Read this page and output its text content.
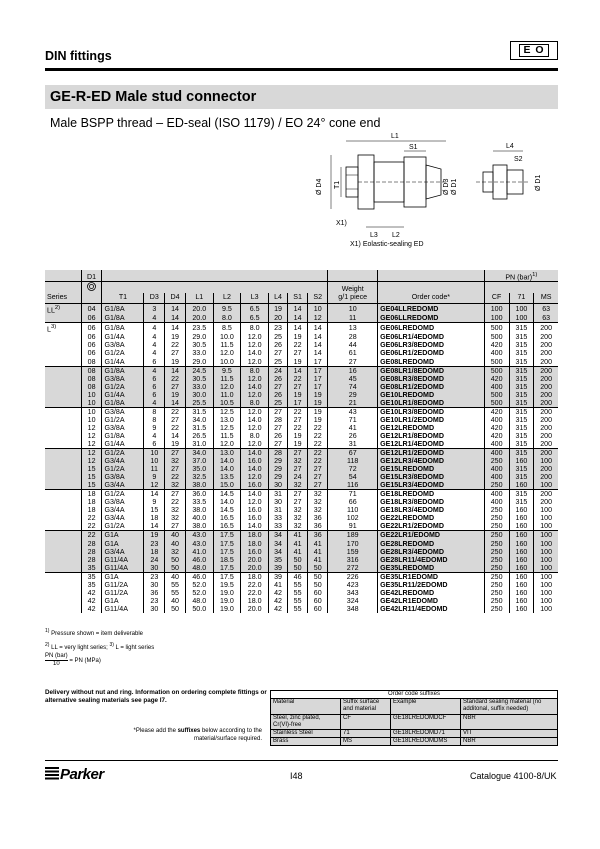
DIN fittings	E O
GE-R-ED Male stud connector
Male BSPP thread – ED-seal (ISO 1179) / EO 24° cone end
L1
S1
Ø D4 T1	Ø D3 Ø D1
X1)
L3 L2
L4
S2
Ø D1
X1) Eolastic-sealing ED
	D1												PN (bar)$^{1)}$
			Weight				
Series		T1	D3	D4	L1	L2	L3	L4	S1	S2	g/1 piece	Order code*	CF	71	MS
LL$^{2)}$	04	G1/8A	3	14	20.0	9.5	6.5	19	14	10	10	GE04LLREDOMD	100	100	63
	06	G1/8A	4	14	20.0	8.0	6.5	20	14	12	11	GE06LLREDOMD	100	100	63
$L^{3)}$	06	G1/8A	4	14	23.5	8.5	8.0	23	14	14	13	GE06LREDOMD	500	315	200
	06	G1/4A	4	19	29.0	10.0	12.0	25	19	14	28	GE06LR1/4EDOMD	500	315	200
	06	G3/8A	4	22	30.5	11.5	12.0	26	22	14	44	GE06LR3/8EDOMD	420	315	200
	06	G1/2A	4	27	33.0	12.0	14.0	27	27	14	61	GE06LR1/2EDOMD	400	315	200
	08	G1/4A	6	19	29.0	10.0	12.0	25	19	17	27	GE08LREDOMD	500	315	200
	08	G1/8A	4	14	24.5	9.5	8.0	24	14	17	16	GE08LR1/8EDOMD	500	315	200
	08	G3/8A	6	22	30.5	11.5	12.0	26	22	17	45	GE08LR3/8EDOMD	420	315	200
	08	G1/2A	6	27	33.0	12.0	14.0	27	27	17	74	GE08LR1/2EDOMD	400	315	200
	10	G1/4A	6	19	30.0	11.0	12.0	26	19	19	29	GE10LREDOMD	500	315	200
	10	G1/8A	4	14	25.5	10.5	8.0	25	17	19	21	GE10LR1/8EDOMD	500	315	200
	10	G3/8A	8	22	31.5	12.5	12.0	27	22	19	43	GE10LR3/8EDOMD	420	315	200
	10	G1/2A	8	27	34.0	13.0	14.0	28	27	19	71	GE10LR1/2EDOMD	400	315	200
	12	G3/8A	9	22	31.5	12.5	12.0	27	22	22	41	GE12LREDOMD	420	315	200
	12	G1/8A	4	14	26.5	11.5	8.0	26	19	22	26	GE12LR1/8EDOMD	420	315	200
	12	G1/4A	6	19	31.0	12.0	12.0	27	19	22	31	GE12LR1/4EDOMD	400	315	200
	12	G1/2A	10	27	34.0	13.0	14.0	28	27	22	67	GE12LR1/2EDOMD	400	315	200
	12	G3/4A	10	32	37.0	14.0	16.0	29	32	22	118	GE12LR3/4EDOMD	250	160	100
	15	G1/2A	11	27	35.0	14.0	14.0	29	27	27	72	GE15LREDOMD	400	315	200
	15	G3/8A	9	22	32.5	13.5	12.0	29	24	27	54	GE15LR3/8EDOMD	400	315	200
	15	G3/4A	12	32	38.0	15.0	16.0	30	32	27	116	GE15LR3/4EDOMD	250	160	100
	18	G1/2A	14	27	36.0	14.5	14.0	31	27	32	71	GE18LREDOMD	400	315	200
	18	G3/8A	9	22	33.5	14.0	12.0	30	27	32	66	GE18LR3/8EDOMD	400	315	200
	18	G3/4A	15	32	38.0	14.5	16.0	31	32	32	110	GE18LR3/4EDOMD	250	160	100
	22	G3/4A	18	32	40.0	16.5	16.0	33	32	36	102	GE22LREDOMD	250	160	100
	22	G1/2A	14	27	38.0	16.5	14.0	33	32	36	91	GE22LR1/2EDOMD	250	160	100
	22	G1A	19	40	43.0	17.5	18.0	34	41	36	189	GE22LR1/EDOMD	250	160	100
	28	G1A	23	40	43.0	17.5	18.0	34	41	41	170	GE28LREDOMD	250	160	100
	28	G3/4A	18	32	41.0	17.5	16.0	34	41	41	159	GE28LR3/4EDOMD	250	160	100
	28	G11/4A	24	50	46.0	18.5	20.0	35	50	41	316	GE28LR11/4EDOMD	250	160	100
	35	G11/4A	30	50	48.0	17.5	20.0	39	50	50	272	GE35LREDOMD	250	160	100
	35	G1A	23	40	46.0	17.5	18.0	39	46	50	226	GE35LR1EDOMD	250	160	100
	35	G11/2A	30	55	52.0	19.5	22.0	41	55	50	423	GE35LR11/2EDOMD	250	160	100
	42	G11/2A	36	55	52.0	19.0	22.0	42	55	60	343	GE42LREDOMD	250	160	100
	42	G1A	23	40	48.0	19.0	18.0	42	55	60	324	GE42LR1EDOMD	250	160	100
	42	G11/4A	30	50	50.0	19.0	20.0	42	55	60	348	GE42LR11/4EDOMD	250	160	100
$^{1)}$ Pressure shown = item deliverable
$^{2)}$ LL = very light series; $^{3)}$ L = light series
$\frac{\text{PN (bar)}}{10}$ = PN (MPa)
Delivery without nut and ring. Information on ordering complete fittings or alternative sealing materials see page I7.
*Please add the suffixes below according to the material/surface required.
Order code suffixes			
Material	Suffix surface and material	Example	Standard sealing material (no additonal, suffix needed)
Steel, zinc plated, Cr(VI)-free	CF	GE18LREDOMDCF	NBR
Stainless Steel	71	GE18LREDOMD71	VIT
Brass	MS	GE18LREDOMDMS	NBR
Parker	I48	Catalogue 4100-8/UK
